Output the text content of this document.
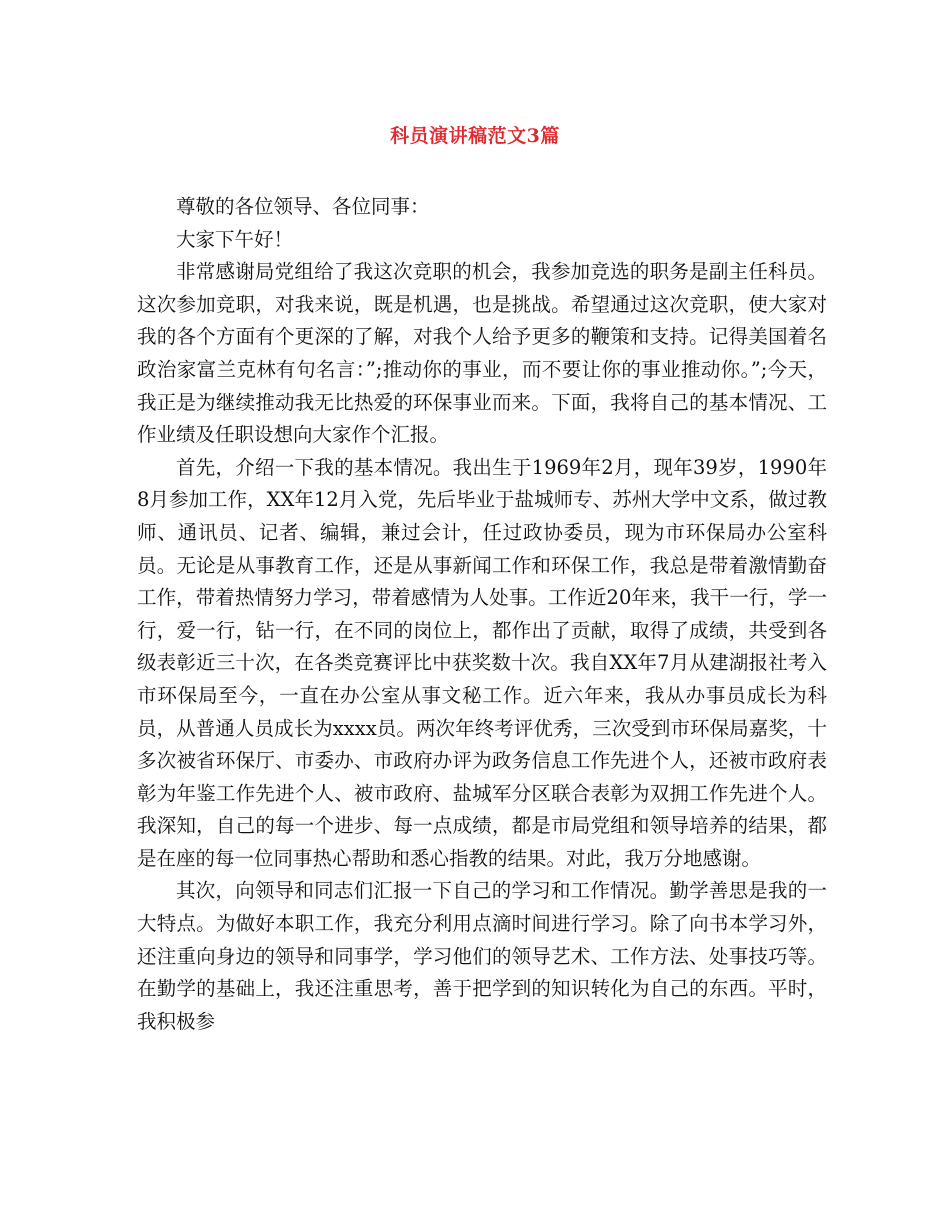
科员演讲稿范文3篇

尊敬的各位领导、各位同事：

大家下午好！

非常感谢局党组给了我这次竞职的机会，我参加竞选的职务是副主任科员。这次参加竞职，对我来说，既是机遇，也是挑战。希望通过这次竞职，使大家对我的各个方面有个更深的了解，对我个人给予更多的鞭策和支持。记得美国着名政治家富兰克林有句名言：”;推动你的事业，而不要让你的事业推动你。”;今天，我正是为继续推动我无比热爱的环保事业而来。下面，我将自己的基本情况、工作业绩及任职设想向大家作个汇报。

首先，介绍一下我的基本情况。我出生于1969年2月，现年39岁，1990年8月参加工作，XX年12月入党，先后毕业于盐城师专、苏州大学中文系，做过教师、通讯员、记者、编辑，兼过会计，任过政协委员，现为市环保局办公室科员。无论是从事教育工作，还是从事新闻工作和环保工作，我总是带着激情勤奋工作，带着热情努力学习，带着感情为人处事。工作近20年来，我干一行，学一行，爱一行，钻一行，在不同的岗位上，都作出了贡献，取得了成绩，共受到各级表彰近三十次，在各类竞赛评比中获奖数十次。我自XX年7月从建湖报社考入市环保局至今，一直在办公室从事文秘工作。近六年来，我从办事员成长为科员，从普通人员成长为xxxx员。两次年终考评优秀，三次受到市环保局嘉奖，十多次被省环保厅、市委办、市政府办评为政务信息工作先进个人，还被市政府表彰为年鉴工作先进个人、被市政府、盐城军分区联合表彰为双拥工作先进个人。我深知，自己的每一个进步、每一点成绩，都是市局党组和领导培养的结果，都是在座的每一位同事热心帮助和悉心指教的结果。对此，我万分地感谢。

其次，向领导和同志们汇报一下自己的学习和工作情况。勤学善思是我的一大特点。为做好本职工作，我充分利用点滴时间进行学习。除了向书本学习外，还注重向身边的领导和同事学，学习他们的领导艺术、工作方法、处事技巧等。在勤学的基础上，我还注重思考，善于把学到的知识转化为自己的东西。平时，我积极参
